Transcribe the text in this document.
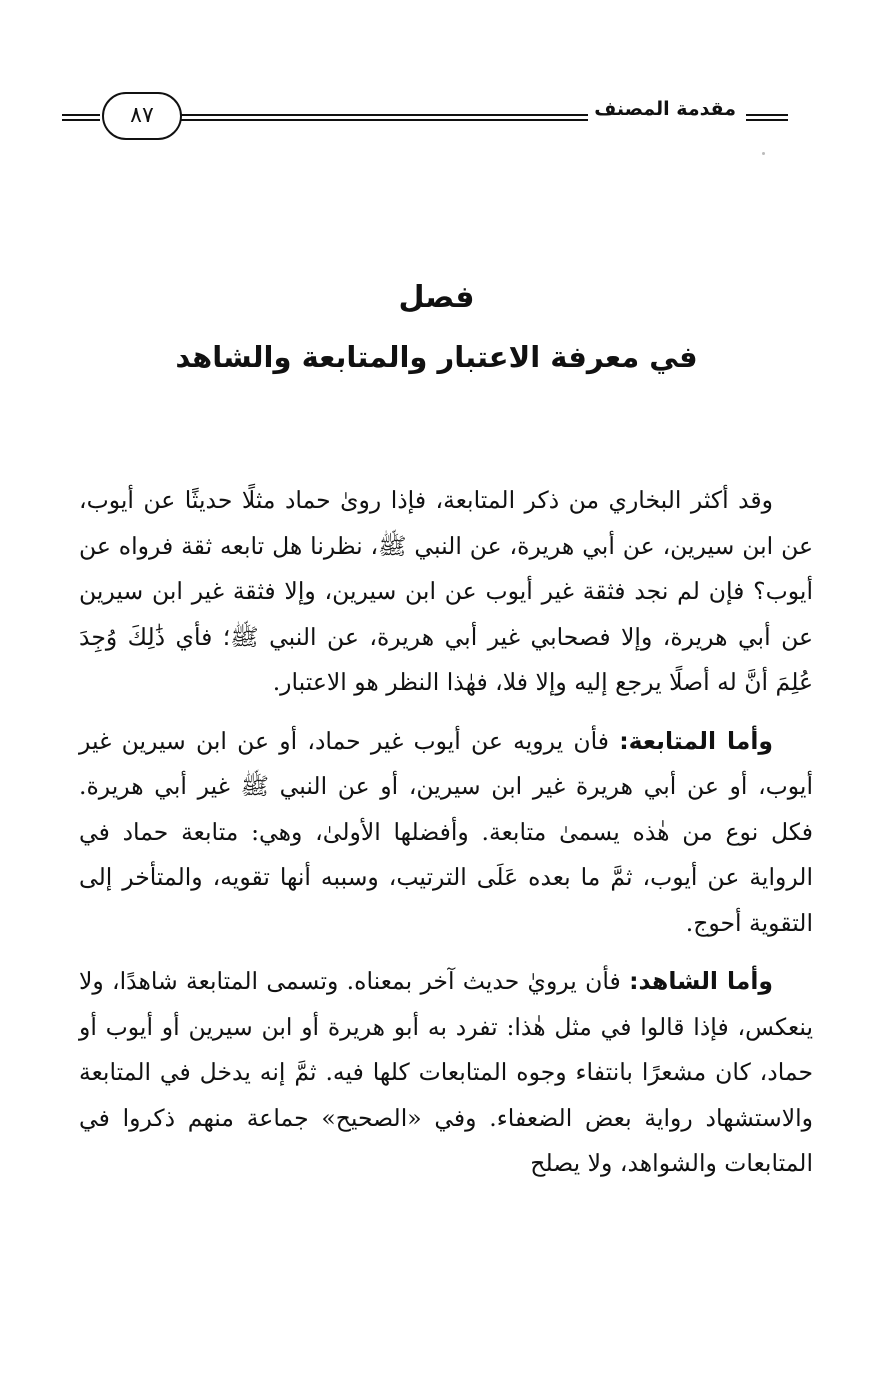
مقدمة المصنف
٨٧
فصل
في معرفة الاعتبار والمتابعة والشاهد

وقد أكثر البخاري من ذكر المتابعة، فإذا روىٰ حماد مثلًا حديثًا عن أيوب، عن ابن سيرين، عن أبي هريرة، عن النبي ﷺ، نظرنا هل تابعه ثقة فرواه عن أيوب؟ فإن لم نجد فثقة غير أيوب عن ابن سيرين، وإلا فثقة غير ابن سيرين عن أبي هريرة، وإلا فصحابي غير أبي هريرة، عن النبي ﷺ؛ فأي ذَٰلِكَ وُجِدَ عُلِمَ أنَّ له أصلًا يرجع إليه وإلا فلا، فهٰذا النظر هو الاعتبار.

وأما المتابعة: فأن يرويه عن أيوب غير حماد، أو عن ابن سيرين غير أيوب، أو عن أبي هريرة غير ابن سيرين، أو عن النبي ﷺ غير أبي هريرة. فكل نوع من هٰذه يسمىٰ متابعة. وأفضلها الأولىٰ، وهي: متابعة حماد في الرواية عن أيوب، ثمَّ ما بعده عَلَى الترتيب، وسببه أنها تقويه، والمتأخر إلى التقوية أحوج.

وأما الشاهد: فأن يرويٰ حديث آخر بمعناه. وتسمى المتابعة شاهدًا، ولا ينعكس، فإذا قالوا في مثل هٰذا: تفرد به أبو هريرة أو ابن سيرين أو أيوب أو حماد، كان مشعرًا بانتفاء وجوه المتابعات كلها فيه. ثمَّ إنه يدخل في المتابعة والاستشهاد رواية بعض الضعفاء. وفي «الصحيح» جماعة منهم ذكروا في المتابعات والشواهد، ولا يصلح
